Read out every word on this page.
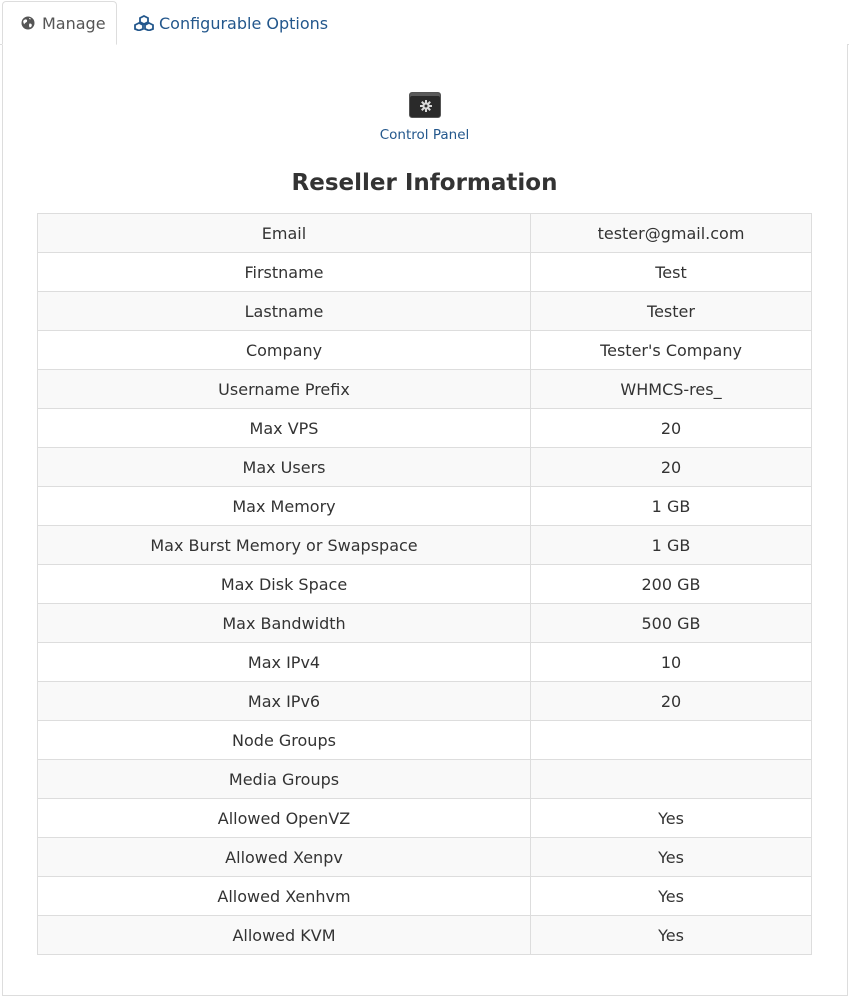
Manage	Configurable Options
Control Panel
Reseller Information
Email	tester@gmail.com
Firstname	Test
Lastname	Tester
Company	Tester's Company
Username Prefix	WHMCS-res_
Max VPS	20
Max Users	20
Max Memory	1 GB
Max Burst Memory or Swapspace	1 GB
Max Disk Space	200 GB
Max Bandwidth	500 GB
Max IPv4	10
Max IPv6	20
Node Groups	
Media Groups	
Allowed OpenVZ	Yes
Allowed Xenpv	Yes
Allowed Xenhvm	Yes
Allowed KVM	Yes
